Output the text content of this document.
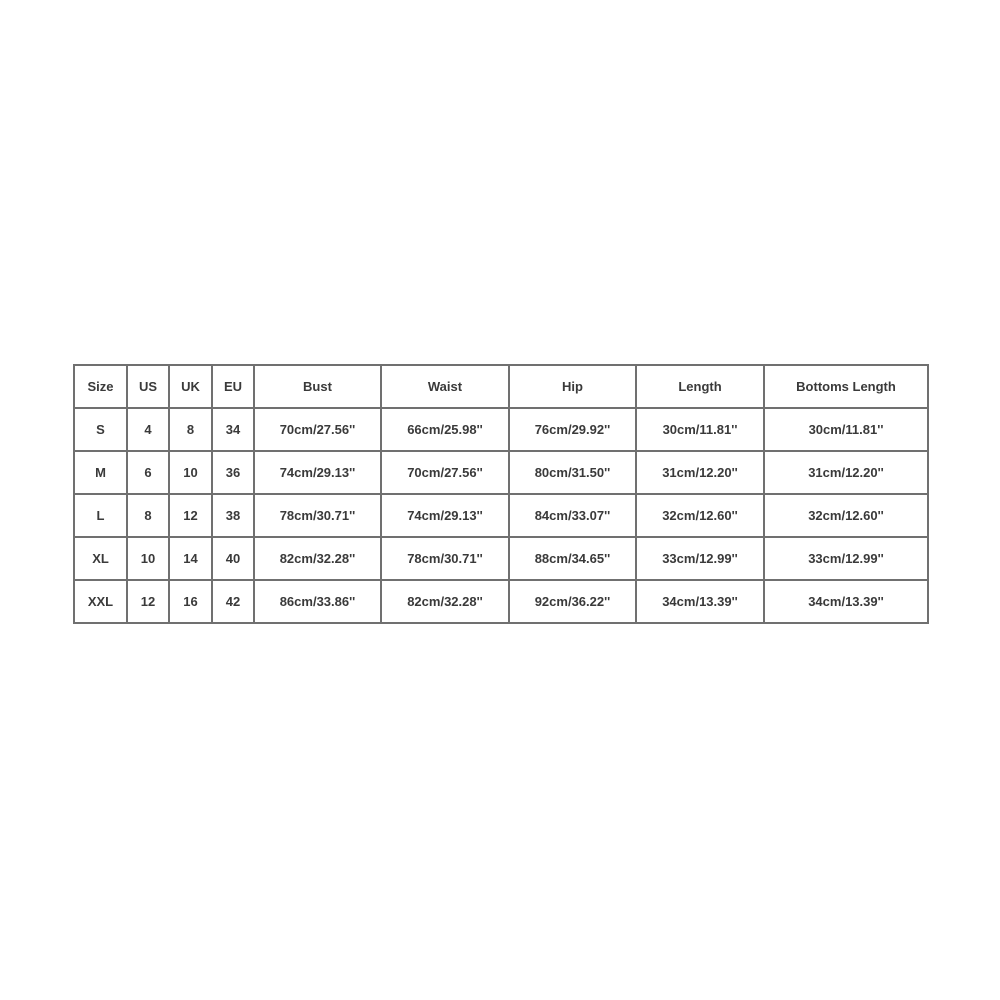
Size	US	UK	EU	Bust	Waist	Hip	Length	Bottoms Length
S	4	8	34	70cm/27.56''	66cm/25.98''	76cm/29.92''	30cm/11.81''	30cm/11.81''
M	6	10	36	74cm/29.13''	70cm/27.56''	80cm/31.50''	31cm/12.20''	31cm/12.20''
L	8	12	38	78cm/30.71''	74cm/29.13''	84cm/33.07''	32cm/12.60''	32cm/12.60''
XL	10	14	40	82cm/32.28''	78cm/30.71''	88cm/34.65''	33cm/12.99''	33cm/12.99''
XXL	12	16	42	86cm/33.86''	82cm/32.28''	92cm/36.22''	34cm/13.39''	34cm/13.39''
